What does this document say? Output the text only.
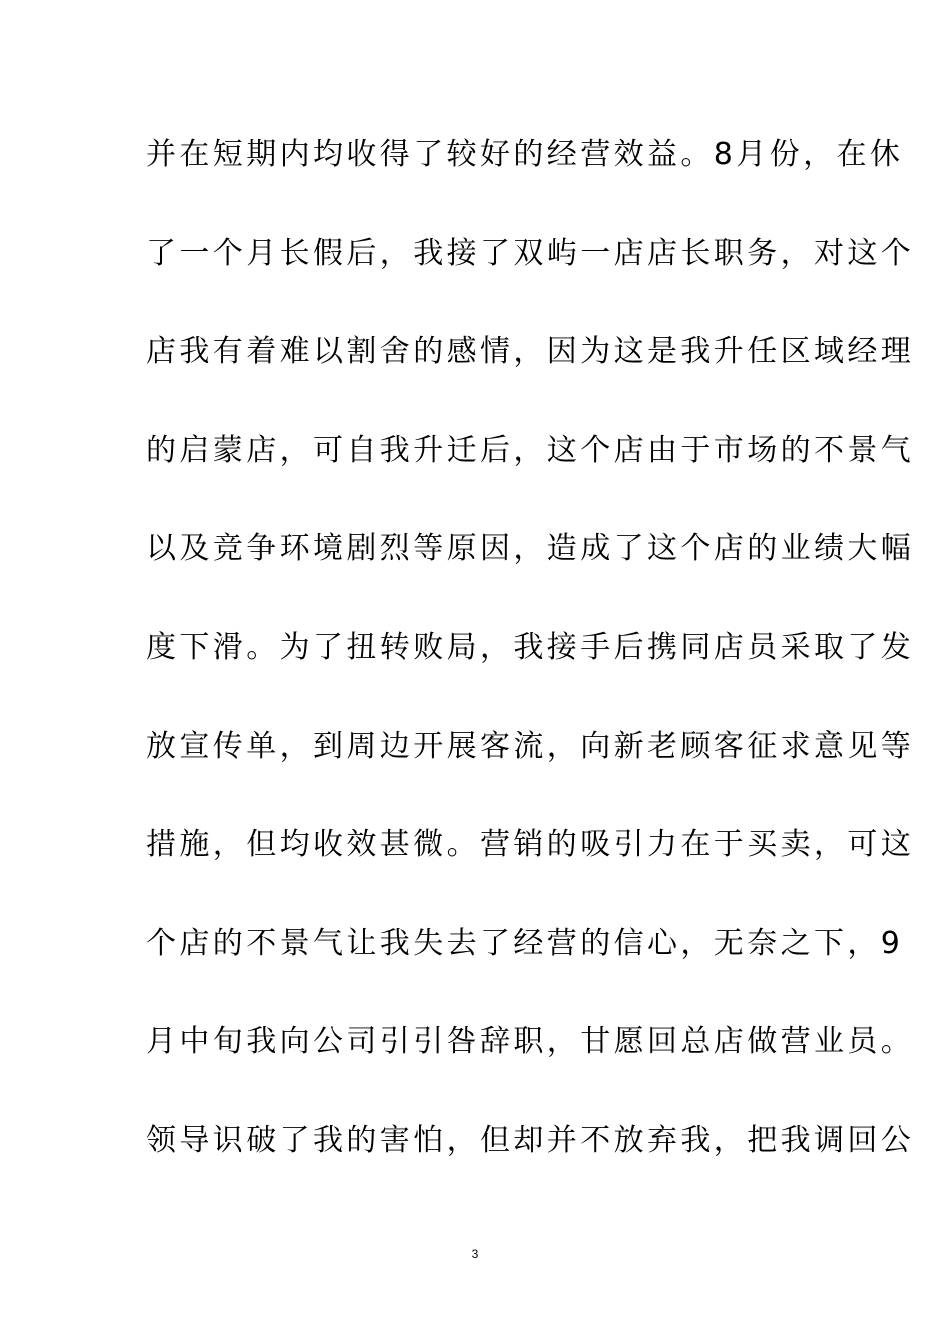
并在短期内均收得了较好的经营效益。8月份，在休
了一个月长假后，我接了双屿一店店长职务，对这个
店我有着难以割舍的感情，因为这是我升任区域经理
的启蒙店，可自我升迁后，这个店由于市场的不景气
以及竞争环境剧烈等原因，造成了这个店的业绩大幅
度下滑。为了扭转败局，我接手后携同店员采取了发
放宣传单，到周边开展客流，向新老顾客征求意见等
措施，但均收效甚微。营销的吸引力在于买卖，可这
个店的不景气让我失去了经营的信心，无奈之下，9
月中旬我向公司引引咎辞职，甘愿回总店做营业员。
领导识破了我的害怕，但却并不放弃我，把我调回公
3
